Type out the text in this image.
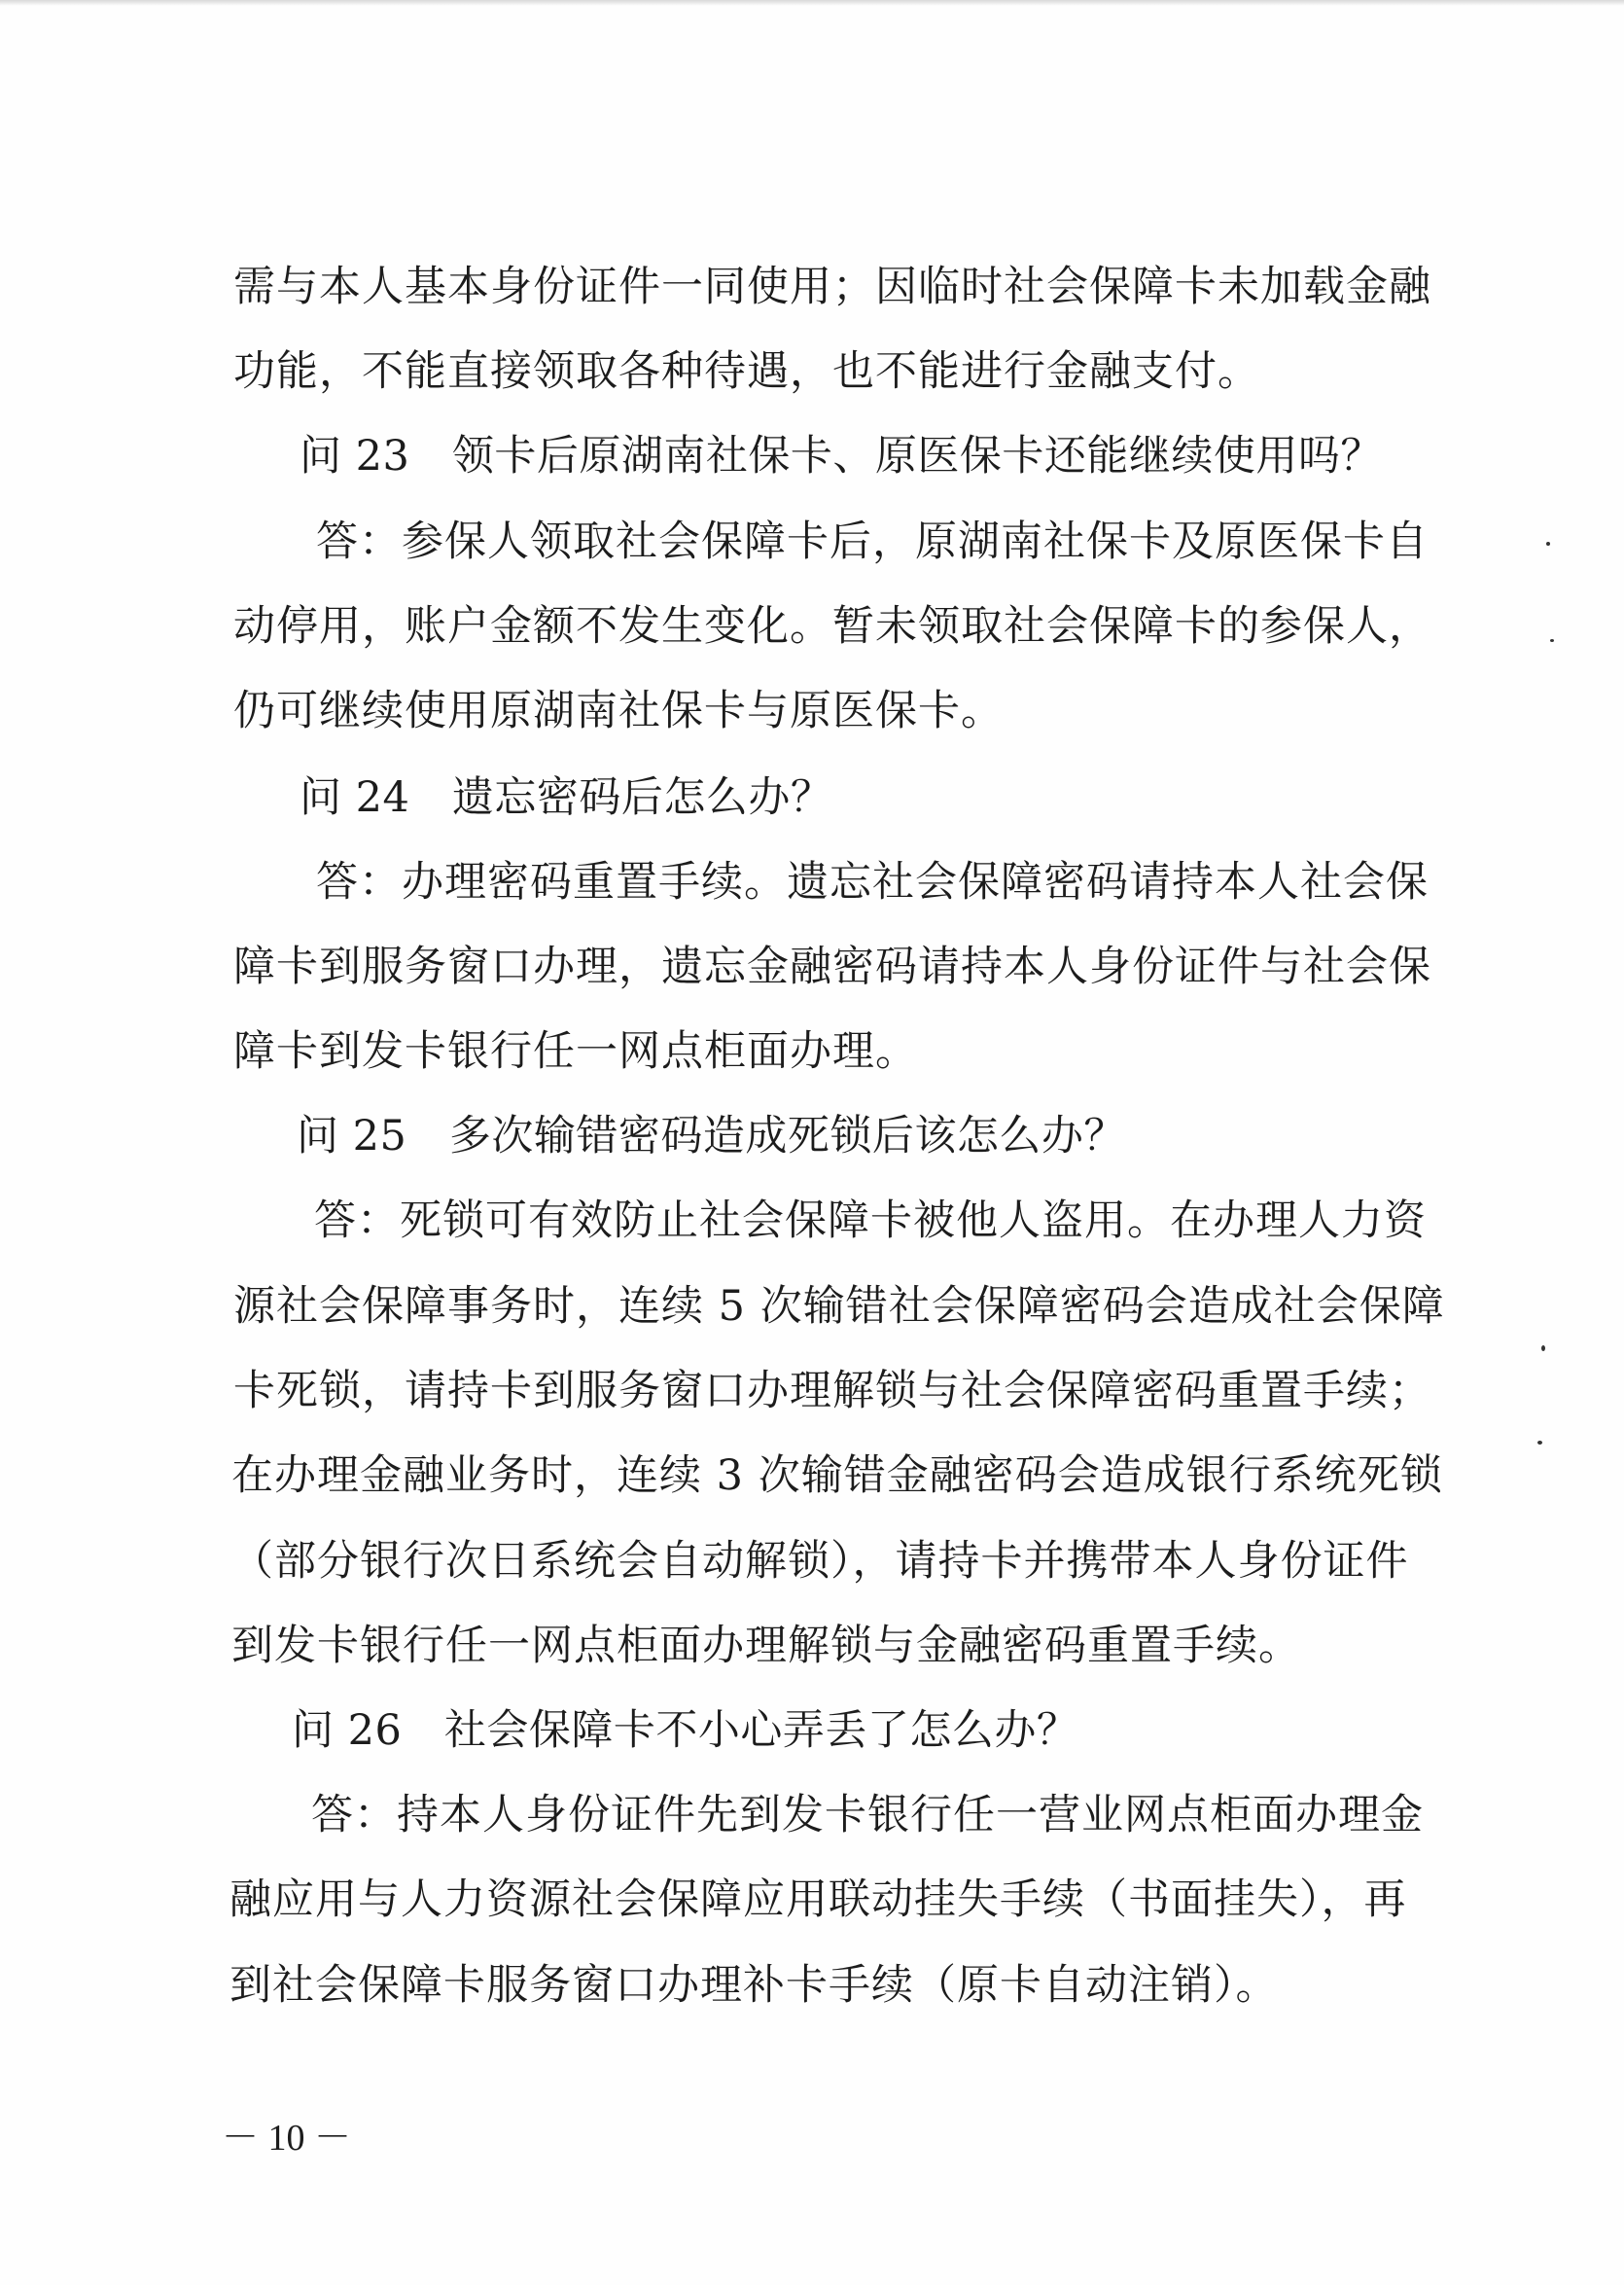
需与本人基本身份证件一同使用；因临时社会保障卡未加载金融
功能，不能直接领取各种待遇，也不能进行金融支付。
问 23　领卡后原湖南社保卡、原医保卡还能继续使用吗？
答：参保人领取社会保障卡后，原湖南社保卡及原医保卡自
动停用，账户金额不发生变化。暂未领取社会保障卡的参保人，
仍可继续使用原湖南社保卡与原医保卡。
问 24　遗忘密码后怎么办？
答：办理密码重置手续。遗忘社会保障密码请持本人社会保
障卡到服务窗口办理，遗忘金融密码请持本人身份证件与社会保
障卡到发卡银行任一网点柜面办理。
问 25　多次输错密码造成死锁后该怎么办？
答：死锁可有效防止社会保障卡被他人盗用。在办理人力资
源社会保障事务时，连续 5 次输错社会保障密码会造成社会保障
卡死锁，请持卡到服务窗口办理解锁与社会保障密码重置手续；
在办理金融业务时，连续 3 次输错金融密码会造成银行系统死锁
（部分银行次日系统会自动解锁），请持卡并携带本人身份证件
到发卡银行任一网点柜面办理解锁与金融密码重置手续。
问 26　社会保障卡不小心弄丢了怎么办？
答：持本人身份证件先到发卡银行任一营业网点柜面办理金
融应用与人力资源社会保障应用联动挂失手续（书面挂失），再
到社会保障卡服务窗口办理补卡手续（原卡自动注销）。
－ 10 －
